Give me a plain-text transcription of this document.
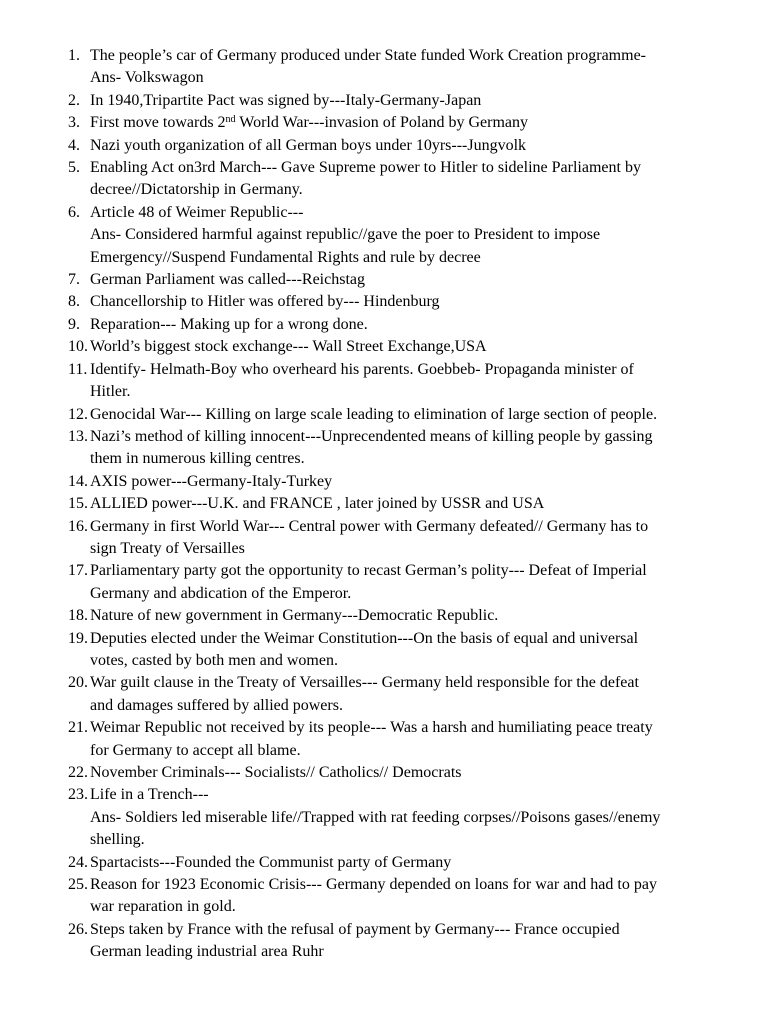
1. The people’s car of Germany produced under State funded Work Creation programme-
Ans- Volkswagon
2. In 1940,Tripartite Pact was signed by---Italy-Germany-Japan
3. First move towards 2nd World War---invasion of Poland by Germany
4. Nazi youth organization of all German boys under 10yrs---Jungvolk
5. Enabling Act on3rd March--- Gave Supreme power to Hitler to sideline Parliament by
decree//Dictatorship in Germany.
6. Article 48 of Weimer Republic---
Ans- Considered harmful against republic//gave the poer to President to impose
Emergency//Suspend Fundamental Rights and rule by decree
7. German Parliament was called---Reichstag
8. Chancellorship to Hitler was offered by--- Hindenburg
9. Reparation--- Making up for a wrong done.
10. World’s biggest stock exchange--- Wall Street Exchange,USA
11. Identify- Helmath-Boy who overheard his parents. Goebbeb- Propaganda minister of
Hitler.
12. Genocidal War--- Killing on large scale leading to elimination of large section of people.
13. Nazi’s method of killing innocent---Unprecendented means of killing people by gassing
them in numerous killing centres.
14. AXIS power---Germany-Italy-Turkey
15. ALLIED power---U.K. and FRANCE , later joined by USSR and USA
16. Germany in first World War--- Central power with Germany defeated// Germany has to
sign Treaty of Versailles
17. Parliamentary party got the opportunity to recast German’s polity--- Defeat of Imperial
Germany and abdication of the Emperor.
18. Nature of new government in Germany---Democratic Republic.
19. Deputies elected under the Weimar Constitution---On the basis of equal and universal
votes, casted by both men and women.
20. War guilt clause in the Treaty of Versailles--- Germany held responsible for the defeat
and damages suffered by allied powers.
21. Weimar Republic not received by its people--- Was a harsh and humiliating peace treaty
for Germany to accept all blame.
22. November Criminals--- Socialists// Catholics// Democrats
23. Life in a Trench---
Ans- Soldiers led miserable life//Trapped with rat feeding corpses//Poisons gases//enemy
shelling.
24. Spartacists---Founded the Communist party of Germany
25. Reason for 1923 Economic Crisis--- Germany depended on loans for war and had to pay
war reparation in gold.
26. Steps taken by France with the refusal of payment by Germany--- France occupied
German leading industrial area Ruhr
